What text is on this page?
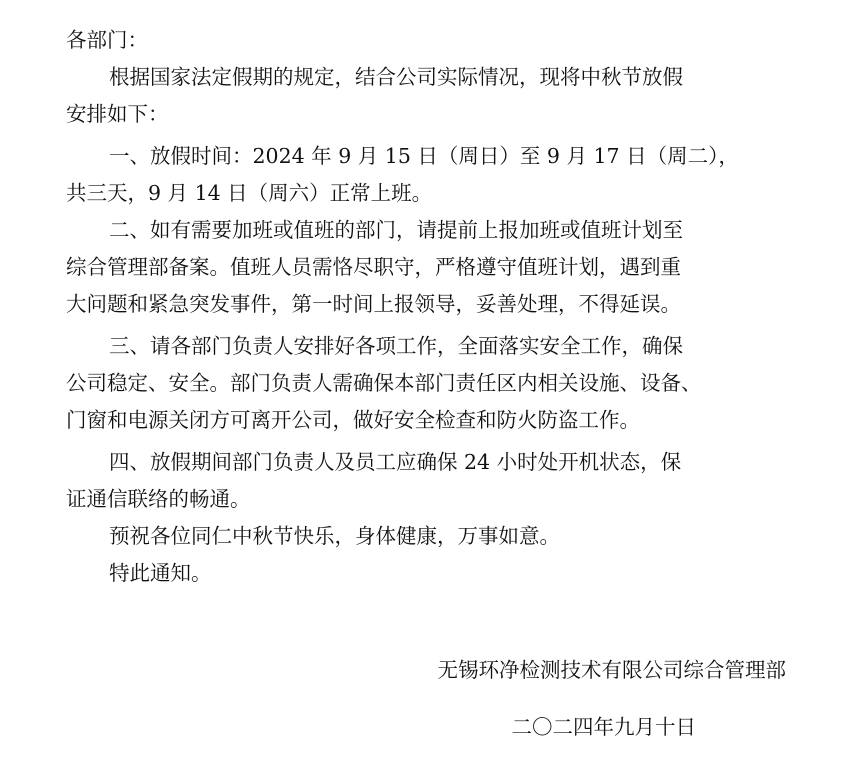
各部门：
根据国家法定假期的规定，结合公司实际情况，现将中秋节放假
安排如下：
一、放假时间：2024 年 9 月 15 日（周日）至 9 月 17 日（周二），
共三天，9 月 14 日（周六）正常上班。
二、如有需要加班或值班的部门，请提前上报加班或值班计划至
综合管理部备案。值班人员需恪尽职守，严格遵守值班计划，遇到重
大问题和紧急突发事件，第一时间上报领导，妥善处理，不得延误。
三、请各部门负责人安排好各项工作，全面落实安全工作，确保
公司稳定、安全。部门负责人需确保本部门责任区内相关设施、设备、
门窗和电源关闭方可离开公司，做好安全检查和防火防盗工作。
四、放假期间部门负责人及员工应确保 24 小时处开机状态，保
证通信联络的畅通。
预祝各位同仁中秋节快乐，身体健康，万事如意。
特此通知。
无锡环净检测技术有限公司综合管理部
二〇二四年九月十日
